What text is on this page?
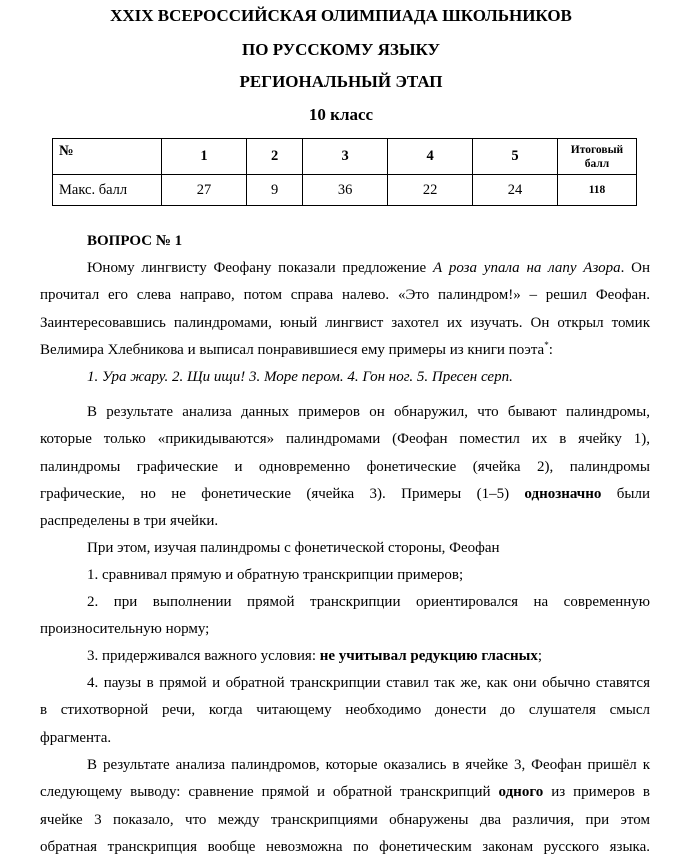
XXIX ВСЕРОССИЙСКАЯ ОЛИМПИАДА ШКОЛЬНИКОВ
ПО РУССКОМУ ЯЗЫКУ
РЕГИОНАЛЬНЫЙ ЭТАП
10 класс
№	1	2	3	4	5	Итоговый балл
Макс. балл	27	9	36	22	24	118
ВОПРОС № 1
Юному лингвисту Феофану показали предложение А роза упала на лапу Азора. Он
прочитал его слева направо, потом справа налево. «Это палиндром!» – решил Феофан.
Заинтересовавшись палиндромами, юный лингвист захотел их изучать. Он открыл томик
Велимира Хлебникова и выписал понравившиеся ему примеры из книги поэта*:
1. Ура жару. 2. Щи ищи! 3. Море пером. 4. Гон ног. 5. Пресен серп.
В результате анализа данных примеров он обнаружил, что бывают палиндромы,
которые только «прикидываются» палиндромами (Феофан поместил их в ячейку 1),
палиндромы графические и одновременно фонетические (ячейка 2), палиндромы
графические, но не фонетические (ячейка 3). Примеры (1–5) однозначно были
распределены в три ячейки.
При этом, изучая палиндромы с фонетической стороны, Феофан
1. сравнивал прямую и обратную транскрипции примеров;
2. при выполнении прямой транскрипции ориентировался на современную
произносительную норму;
3. придерживался важного условия: не учитывал редукцию гласных;
4. паузы в прямой и обратной транскрипции ставил так же, как они обычно ставятся
в стихотворной речи, когда читающему необходимо донести до слушателя смысл
фрагмента.
В результате анализа палиндромов, которые оказались в ячейке 3, Феофан пришёл к
следующему выводу: сравнение прямой и обратной транскрипций одного из примеров в
ячейке 3 показало, что между транскрипциями обнаружены два различия, при этом
обратная транскрипция вообще невозможна по фонетическим законам русского языка.
